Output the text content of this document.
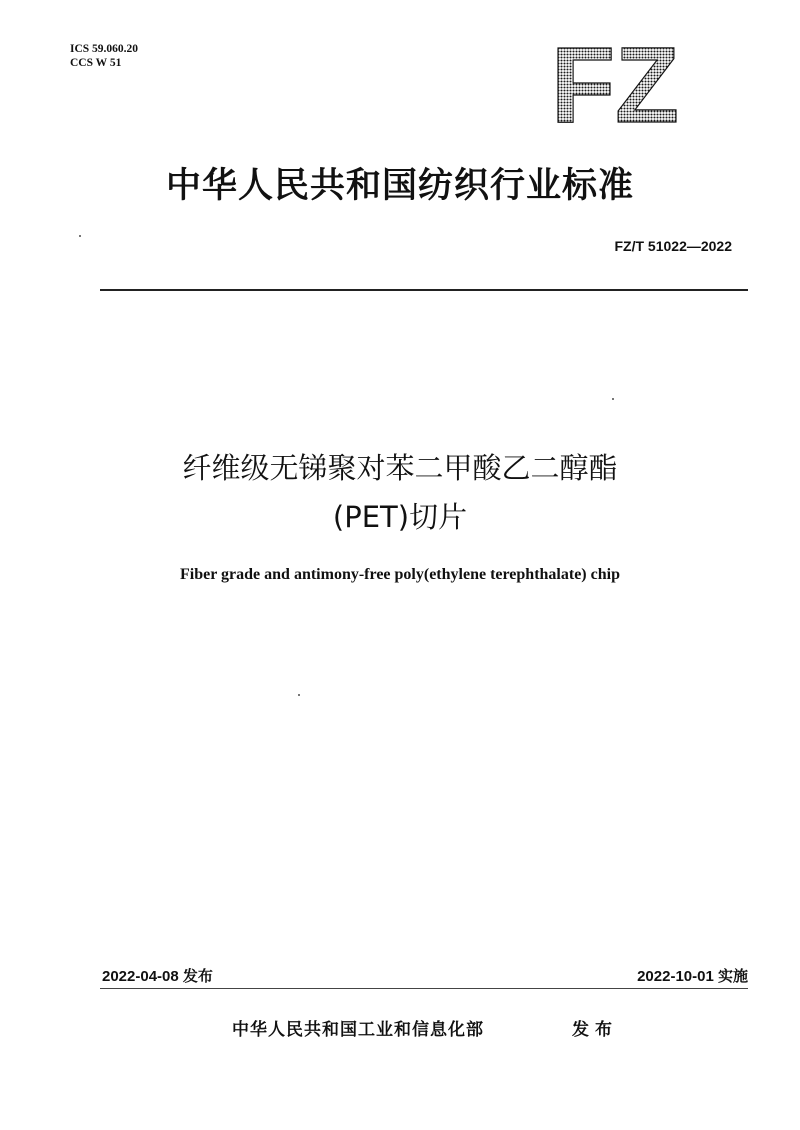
ICS 59.060.20
CCS W 51	FZ
中华人民共和国纺织行业标准
FZ/T 51022—2022
纤维级无锑聚对苯二甲酸乙二醇酯
(PET)切片
Fiber grade and antimony-free poly(ethylene terephthalate) chip
2022-04-08 发布	2022-10-01 实施
中华人民共和国工业和信息化部	发布
